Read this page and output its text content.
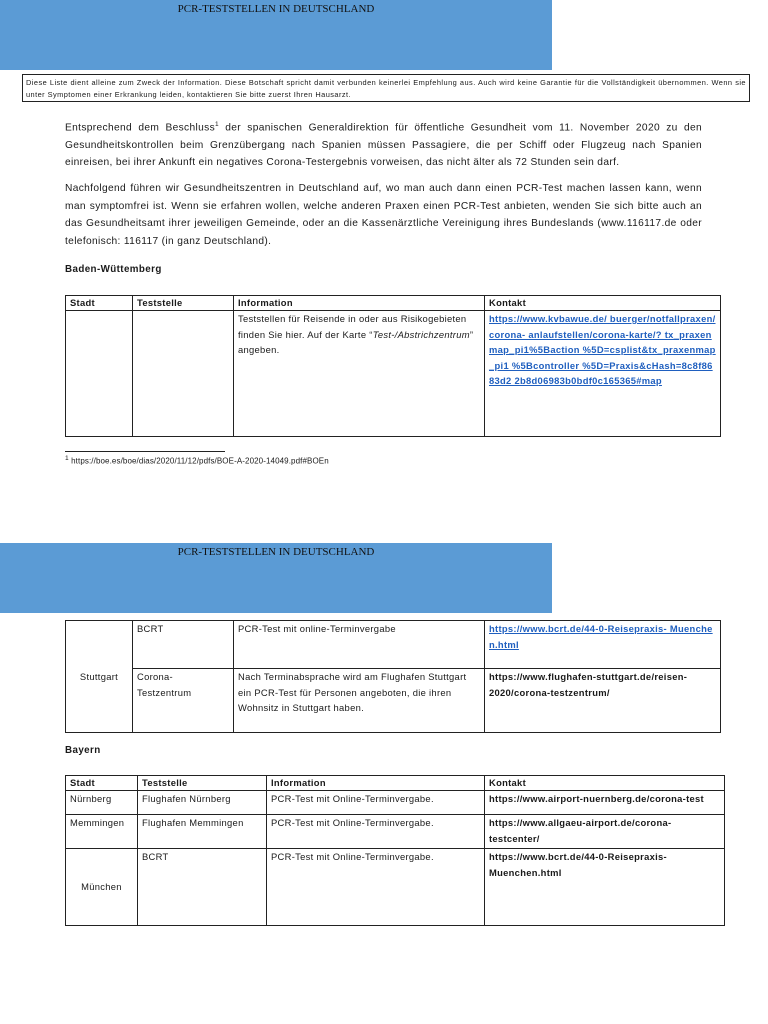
PCR-TESTSTELLEN IN DEUTSCHLAND
Diese Liste dient alleine zum Zweck der Information. Diese Botschaft spricht damit verbunden keinerlei Empfehlung aus. Auch wird keine Garantie für die Vollständigkeit übernommen. Wenn sie unter Symptomen einer Erkrankung leiden, kontaktieren Sie bitte zuerst Ihren Hausarzt.
Entsprechend dem Beschluss$^1$ der spanischen Generaldirektion für öffentliche Gesundheit vom 11. November 2020 zu den Gesundheitskontrollen beim Grenzübergang nach Spanien müssen Passagiere, die per Schiff oder Flugzeug nach Spanien einreisen, bei ihrer Ankunft ein negatives Corona-Testergebnis vorweisen, das nicht älter als 72 Stunden sein darf.
Nachfolgend führen wir Gesundheitszentren in Deutschland auf, wo man auch dann einen PCR-Test machen lassen kann, wenn man symptomfrei ist. Wenn sie erfahren wollen, welche anderen Praxen einen PCR-Test anbieten, wenden Sie sich bitte auch an das Gesundheitsamt ihrer jeweiligen Gemeinde, oder an die Kassenärztliche Vereinigung ihres Bundeslands (www.116117.de oder telefonisch: 116117 (in ganz Deutschland).
Baden-Wüttemberg
Stadt	Teststelle	Information	Kontakt
		Teststellen für Reisende in oder aus Risikogebieten finden Sie hier. Auf der Karte “Test-/Abstrichzentrum” angeben.	https://www.kvbawue.de/ buerger/notfallpraxen/corona- anlaufstellen/corona-karte/? tx_praxenmap_pi1%5Baction %5D=csplist&tx_praxenmap_pi1 %5Bcontroller %5D=Praxis&cHash=8c8f8683d2 2b8d06983b0bdf0c165365#map
$^1$ https://boe.es/boe/dias/2020/11/12/pdfs/BOE-A-2020-14049.pdf#BOEn
PCR-TESTSTELLEN IN DEUTSCHLAND
Stuttgart	BCRT	PCR-Test mit online-Terminvergabe	https://www.bcrt.de/44-0-Reisepraxis- Muenchen.html
	Corona- Testzentrum	Nach Terminabsprache wird am Flughafen Stuttgart ein PCR-Test für Personen angeboten, die ihren Wohnsitz in Stuttgart haben.	https://www.flughafen-stuttgart.de/reisen- 2020/corona-testzentrum/
Bayern
Stadt	Teststelle	Information	Kontakt
Nürnberg	Flughafen Nürnberg	PCR-Test mit Online-Terminvergabe.	https://www.airport-nuernberg.de/corona-test
Memmingen	Flughafen Memmingen	PCR-Test mit Online-Terminvergabe.	https://www.allgaeu-airport.de/corona- testcenter/
München	BCRT	PCR-Test mit Online-Terminvergabe.	https://www.bcrt.de/44-0-Reisepraxis- Muenchen.html
